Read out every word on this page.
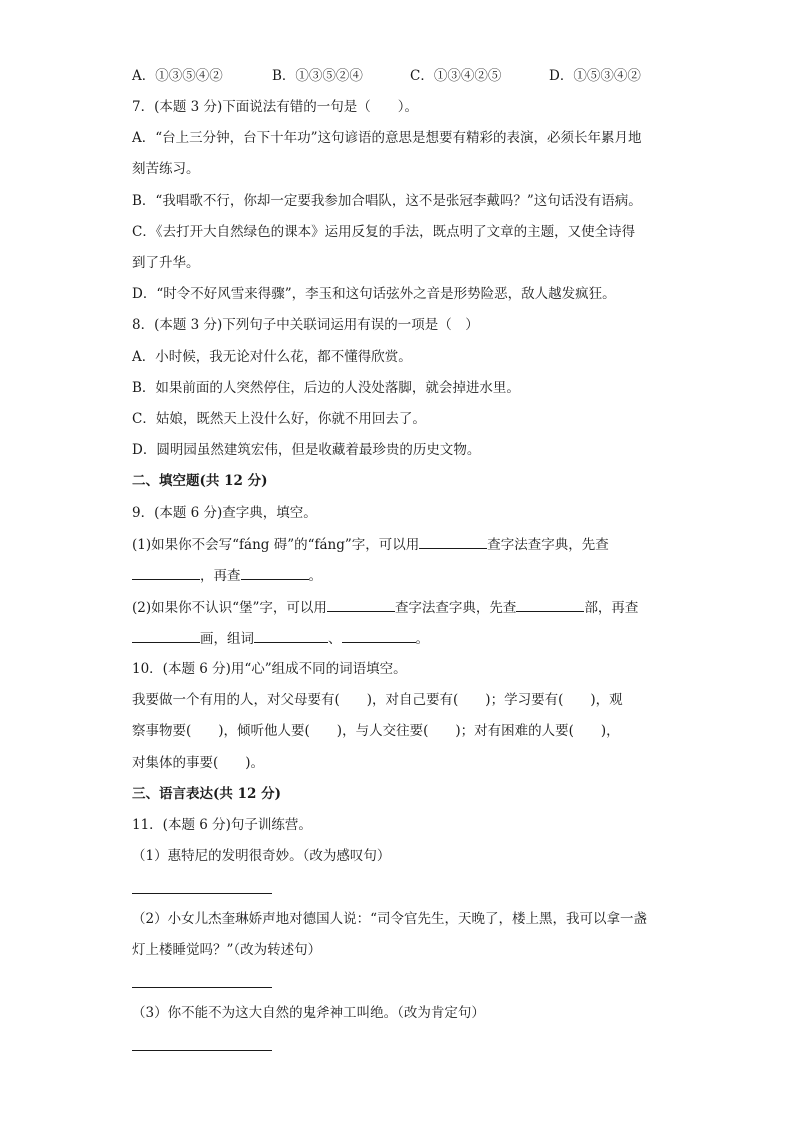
A．①③⑤④②	B．①③⑤②④	C．①③④②⑤	D．①⑤③④②
7．(本题 3 分)下面说法有错的一句是（　　）。
A．“台上三分钟，台下十年功”这句谚语的意思是想要有精彩的表演，必须长年累月地
刻苦练习。
B．“我唱歌不行，你却一定要我参加合唱队，这不是张冠李戴吗？”这句话没有语病。
C．《去打开大自然绿色的课本》运用反复的手法，既点明了文章的主题，又使全诗得
到了升华。
D．“时令不好风雪来得骤”，李玉和这句话弦外之音是形势险恶，敌人越发疯狂。
8．(本题 3 分)下列句子中关联词运用有误的一项是（　）
A．小时候，我无论对什么花，都不懂得欣赏。
B．如果前面的人突然停住，后边的人没处落脚，就会掉进水里。
C．姑娘，既然天上没什么好，你就不用回去了。
D．圆明园虽然建筑宏伟，但是收藏着最珍贵的历史文物。
二、填空题(共 12 分)
9．(本题 6 分)查字典，填空。
(1)如果你不会写“fáng 碍”的“fáng”字，可以用	查字法查字典，先查
，再查	。
(2)如果你不认识“堡”字，可以用	查字法查字典，先查	部，再查
画，组词	、	。
10．(本题 6 分)用“心”组成不同的词语填空。
我要做一个有用的人，对父母要有(　　)，对自己要有(　　)；学习要有(　　)，观
察事物要(　　)，倾听他人要(　　)，与人交往要(　　)；对有困难的人要(　　)，
对集体的事要(　　)。
三、语言表达(共 12 分)
11．(本题 6 分)句子训练营。
（1）惠特尼的发明很奇妙。（改为感叹句）
（2）小女儿杰奎琳娇声地对德国人说：“司令官先生，天晚了，楼上黑，我可以拿一盏
灯上楼睡觉吗？”（改为转述句）
（3）你不能不为这大自然的鬼斧神工叫绝。（改为肯定句）
